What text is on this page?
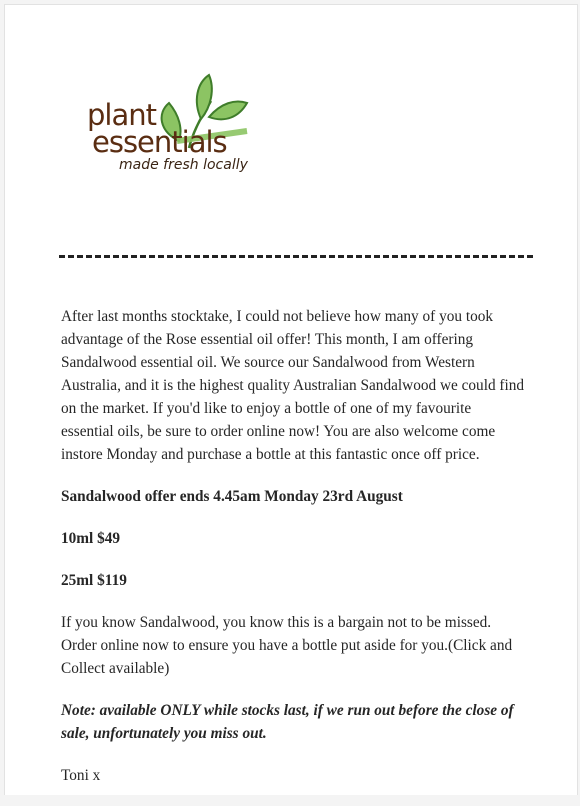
plant
essentials
made fresh locally

After last months stocktake, I could not believe how many of you took advantage of the Rose essential oil offer! This month, I am offering Sandalwood essential oil. We source our Sandalwood from Western Australia, and it is the highest quality Australian Sandalwood we could find on the market. If you'd like to enjoy a bottle of one of my favourite essential oils, be sure to order online now! You are also welcome come instore Monday and purchase a bottle at this fantastic once off price.

Sandalwood offer ends 4.45am Monday 23rd August

10ml $49

25ml $119

If you know Sandalwood, you know this is a bargain not to be missed. Order online now to ensure you have a bottle put aside for you.(Click and Collect available)

Note: available ONLY while stocks last, if we run out before the close of sale, unfortunately you miss out.

Toni x
